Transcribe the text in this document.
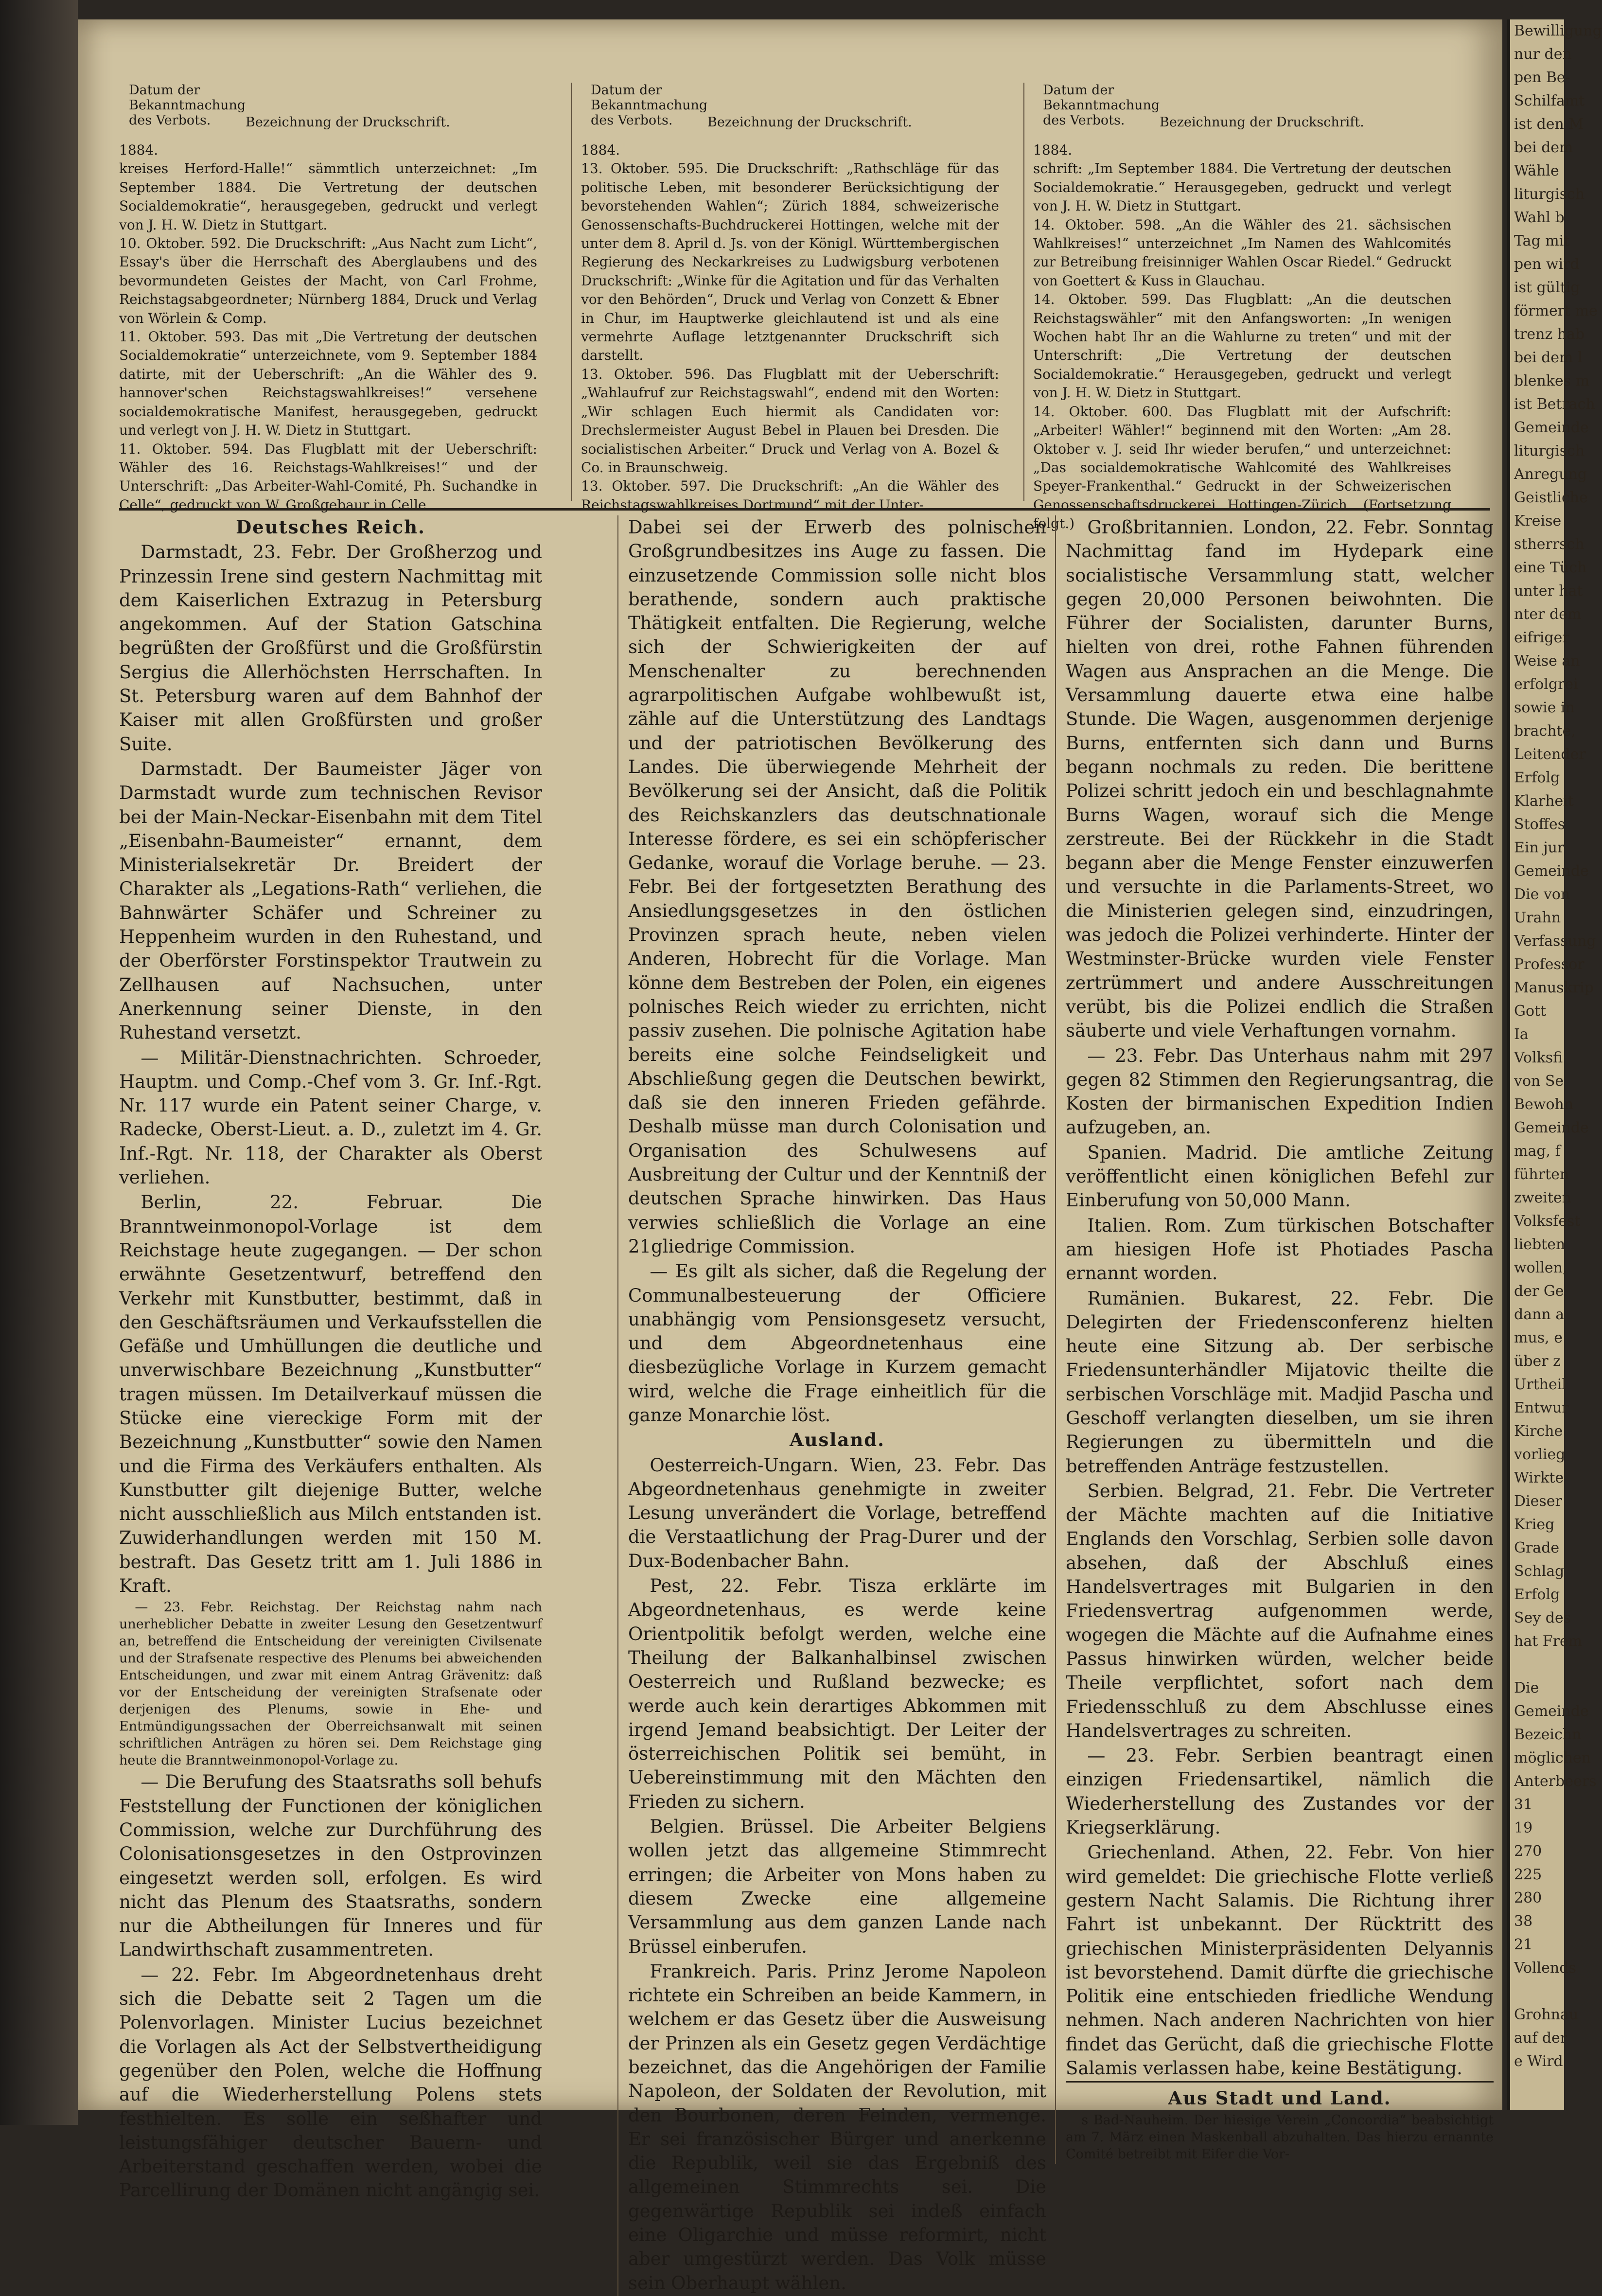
Bewilligung
nur den
pen Be-
Schilfamt
ist den M
bei dem
Wähle
liturgisch
Wahl b
Tag mit
pen wird
ist gültig
förmert me
trenz hab
bei dem l
blenkes m
ist Betrach
Gemeinde
liturgisch
Anregung
Geistliche
Kreise
stherrsch
eine Tüch
unter hat
nter dem
eifriger
Weise an
erfolgrei
sowie in
brachte,
Leitender
Erfolg
Klarheit
Stoffes
Ein jur
Gemeinde
Die von
Urahn
Verfassung
Professor
Manuskrip
Gott
Ia
Volksfi
von Se
Bewohn
Gemeinde
mag, f
führten
zweiten
Volksfest
liebten
wollen,
der Ge
dann a
mus, e
über z
Urtheil
Entwur
Kirche
vorlieg
Wirkte
Dieser
Krieg
Grade
Schlag
Erfolg
Sey des
hat Frem

Die
Gemeinde
Bezeichn
möglichen
Anterbeers
31
19
270
225
280
38
21
Vollends

Grohnau
auf der
e Wird
Datum der
Bekanntmachung
des Verbots.	Bezeichnung der Druckschrift.
1884.
kreises Herford-Halle!“ sämmtlich unterzeichnet: „Im September 1884. Die Vertretung der deutschen Socialdemokratie“, herausgegeben, gedruckt und verlegt von J. H. W. Dietz in Stuttgart.
10. Oktober. 592. Die Druckschrift: „Aus Nacht zum Licht“, Essay's über die Herrschaft des Aberglaubens und des bevormundeten Geistes der Macht, von Carl Frohme, Reichstagsabgeordneter; Nürnberg 1884, Druck und Verlag von Wörlein & Comp.
11. Oktober. 593. Das mit „Die Vertretung der deutschen Socialdemokratie“ unterzeichnete, vom 9. September 1884 datirte, mit der Ueberschrift: „An die Wähler des 9. hannover'schen Reichstagswahlkreises!“ versehene socialdemokratische Manifest, herausgegeben, gedruckt und verlegt von J. H. W. Dietz in Stuttgart.
11. Oktober. 594. Das Flugblatt mit der Ueberschrift: Wähler des 16. Reichstags-Wahlkreises!“ und der Unterschrift: „Das Arbeiter-Wahl-Comité, Ph. Suchandke in Celle“, gedruckt von W. Großgebaur in Celle.
Datum der
Bekanntmachung
des Verbots.	Bezeichnung der Druckschrift.
1884.
13. Oktober. 595. Die Druckschrift: „Rathschläge für das politische Leben, mit besonderer Berücksichtigung der bevorstehenden Wahlen“; Zürich 1884, schweizerische Genossenschafts-Buchdruckerei Hottingen, welche mit der unter dem 8. April d. Js. von der Königl. Württembergischen Regierung des Neckarkreises zu Ludwigsburg verbotenen Druckschrift: „Winke für die Agitation und für das Verhalten vor den Behörden“, Druck und Verlag von Conzett & Ebner in Chur, im Hauptwerke gleichlautend ist und als eine vermehrte Auflage letztgenannter Druckschrift sich darstellt.
13. Oktober. 596. Das Flugblatt mit der Ueberschrift: „Wahlaufruf zur Reichstagswahl“, endend mit den Worten: „Wir schlagen Euch hiermit als Candidaten vor: Drechslermeister August Bebel in Plauen bei Dresden. Die socialistischen Arbeiter.“ Druck und Verlag von A. Bozel & Co. in Braunschweig.
13. Oktober. 597. Die Druckschrift: „An die Wähler des Reichstagswahlkreises Dortmund“ mit der Unter-
Datum der
Bekanntmachung
des Verbots.	Bezeichnung der Druckschrift.
1884.
schrift: „Im September 1884. Die Vertretung der deutschen Socialdemokratie.“ Herausgegeben, gedruckt und verlegt von J. H. W. Dietz in Stuttgart.
14. Oktober. 598. „An die Wähler des 21. sächsischen Wahlkreises!“ unterzeichnet „Im Namen des Wahlcomités zur Betreibung freisinniger Wahlen Oscar Riedel.“ Gedruckt von Goettert & Kuss in Glauchau.
14. Oktober. 599. Das Flugblatt: „An die deutschen Reichstagswähler“ mit den Anfangsworten: „In wenigen Wochen habt Ihr an die Wahlurne zu treten“ und mit der Unterschrift: „Die Vertretung der deutschen Socialdemokratie.“ Herausgegeben, gedruckt und verlegt von J. H. W. Dietz in Stuttgart.
14. Oktober. 600. Das Flugblatt mit der Aufschrift: „Arbeiter! Wähler!“ beginnend mit den Worten: „Am 28. Oktober v. J. seid Ihr wieder berufen,“ und unterzeichnet: „Das socialdemokratische Wahlcomité des Wahlkreises Speyer-Frankenthal.“ Gedruckt in der Schweizerischen Genossenschaftsdruckerei Hottingen-Zürich. (Fortsetzung folgt.)

Deutsches Reich.

Darmstadt, 23. Febr. Der Großherzog und Prinzessin Irene sind gestern Nachmittag mit dem Kaiserlichen Extrazug in Petersburg angekommen. Auf der Station Gatschina begrüßten der Großfürst und die Großfürstin Sergius die Allerhöchsten Herrschaften. In St. Petersburg waren auf dem Bahnhof der Kaiser mit allen Großfürsten und großer Suite.

Darmstadt. Der Baumeister Jäger von Darmstadt wurde zum technischen Revisor bei der Main-Neckar-Eisenbahn mit dem Titel „Eisenbahn-Baumeister“ ernannt, dem Ministerialsekretär Dr. Breidert der Charakter als „Legations-Rath“ verliehen, die Bahnwärter Schäfer und Schreiner zu Heppenheim wurden in den Ruhestand, und der Oberförster Forstinspektor Trautwein zu Zellhausen auf Nachsuchen, unter Anerkennung seiner Dienste, in den Ruhestand versetzt.

— Militär-Dienstnachrichten. Schroeder, Hauptm. und Comp.-Chef vom 3. Gr. Inf.-Rgt. Nr. 117 wurde ein Patent seiner Charge, v. Radecke, Oberst-Lieut. a. D., zuletzt im 4. Gr. Inf.-Rgt. Nr. 118, der Charakter als Oberst verliehen.

Berlin, 22. Februar. Die Branntweinmonopol-Vorlage ist dem Reichstage heute zugegangen. — Der schon erwähnte Gesetzentwurf, betreffend den Verkehr mit Kunstbutter, bestimmt, daß in den Geschäftsräumen und Verkaufsstellen die Gefäße und Umhüllungen die deutliche und unverwischbare Bezeichnung „Kunstbutter“ tragen müssen. Im Detailverkauf müssen die Stücke eine viereckige Form mit der Bezeichnung „Kunstbutter“ sowie den Namen und die Firma des Verkäufers enthalten. Als Kunstbutter gilt diejenige Butter, welche nicht ausschließlich aus Milch entstanden ist. Zuwiderhandlungen werden mit 150 M. bestraft. Das Gesetz tritt am 1. Juli 1886 in Kraft.

— 23. Febr. Reichstag. Der Reichstag nahm nach unerheblicher Debatte in zweiter Lesung den Gesetzentwurf an, betreffend die Entscheidung der vereinigten Civilsenate und der Strafsenate respective des Plenums bei abweichenden Entscheidungen, und zwar mit einem Antrag Grävenitz: daß vor der Entscheidung der vereinigten Strafsenate oder derjenigen des Plenums, sowie in Ehe- und Entmündigungssachen der Oberreichsanwalt mit seinen schriftlichen Anträgen zu hören sei. Dem Reichstage ging heute die Branntweinmonopol-Vorlage zu.

— Die Berufung des Staatsraths soll behufs Feststellung der Functionen der königlichen Commission, welche zur Durchführung des Colonisationsgesetzes in den Ostprovinzen eingesetzt werden soll, erfolgen. Es wird nicht das Plenum des Staatsraths, sondern nur die Abtheilungen für Inneres und für Landwirthschaft zusammentreten.

— 22. Febr. Im Abgeordnetenhaus dreht sich die Debatte seit 2 Tagen um die Polenvorlagen. Minister Lucius bezeichnet die Vorlagen als Act der Selbstvertheidigung gegenüber den Polen, welche die Hoffnung auf die Wiederherstellung Polens stets festhielten. Es solle ein seßhafter und leistungsfähiger deutscher Bauern- und Arbeiterstand geschaffen werden, wobei die Parcellirung der Domänen nicht angängig sei.

Dabei sei der Erwerb des polnischen Großgrundbesitzes ins Auge zu fassen. Die einzusetzende Commission solle nicht blos berathende, sondern auch praktische Thätigkeit entfalten. Die Regierung, welche sich der Schwierigkeiten der auf Menschenalter zu berechnenden agrarpolitischen Aufgabe wohlbewußt ist, zähle auf die Unterstützung des Landtags und der patriotischen Bevölkerung des Landes. Die überwiegende Mehrheit der Bevölkerung sei der Ansicht, daß die Politik des Reichskanzlers das deutschnationale Interesse fördere, es sei ein schöpferischer Gedanke, worauf die Vorlage beruhe. — 23. Febr. Bei der fortgesetzten Berathung des Ansiedlungsgesetzes in den östlichen Provinzen sprach heute, neben vielen Anderen, Hobrecht für die Vorlage. Man könne dem Bestreben der Polen, ein eigenes polnisches Reich wieder zu errichten, nicht passiv zusehen. Die polnische Agitation habe bereits eine solche Feindseligkeit und Abschließung gegen die Deutschen bewirkt, daß sie den inneren Frieden gefährde. Deshalb müsse man durch Colonisation und Organisation des Schulwesens auf Ausbreitung der Cultur und der Kenntniß der deutschen Sprache hinwirken. Das Haus verwies schließlich die Vorlage an eine 21gliedrige Commission.

— Es gilt als sicher, daß die Regelung der Communalbesteuerung der Officiere unabhängig vom Pensionsgesetz versucht, und dem Abgeordnetenhaus eine diesbezügliche Vorlage in Kurzem gemacht wird, welche die Frage einheitlich für die ganze Monarchie löst.

Ausland.

Oesterreich-Ungarn. Wien, 23. Febr. Das Abgeordnetenhaus genehmigte in zweiter Lesung unverändert die Vorlage, betreffend die Verstaatlichung der Prag-Durer und der Dux-Bodenbacher Bahn.

Pest, 22. Febr. Tisza erklärte im Abgeordnetenhaus, es werde keine Orientpolitik befolgt werden, welche eine Theilung der Balkanhalbinsel zwischen Oesterreich und Rußland bezwecke; es werde auch kein derartiges Abkommen mit irgend Jemand beabsichtigt. Der Leiter der österreichischen Politik sei bemüht, in Uebereinstimmung mit den Mächten den Frieden zu sichern.

Belgien. Brüssel. Die Arbeiter Belgiens wollen jetzt das allgemeine Stimmrecht erringen; die Arbeiter von Mons haben zu diesem Zwecke eine allgemeine Versammlung aus dem ganzen Lande nach Brüssel einberufen.

Frankreich. Paris. Prinz Jerome Napoleon richtete ein Schreiben an beide Kammern, in welchem er das Gesetz über die Ausweisung der Prinzen als ein Gesetz gegen Verdächtige bezeichnet, das die Angehörigen der Familie Napoleon, der Soldaten der Revolution, mit den Bourbonen, deren Feinden, vermenge. Er sei französischer Bürger und anerkenne die Republik, weil sie das Ergebniß des allgemeinen Stimmrechts sei. Die gegenwärtige Republik sei indeß einfach eine Oligarchie und müsse reformirt, nicht aber umgestürzt werden. Das Volk müsse sein Oberhaupt wählen.

Großbritannien. London, 22. Febr. Sonntag Nachmittag fand im Hydepark eine socialistische Versammlung statt, welcher gegen 20,000 Personen beiwohnten. Die Führer der Socialisten, darunter Burns, hielten von drei, rothe Fahnen führenden Wagen aus Ansprachen an die Menge. Die Versammlung dauerte etwa eine halbe Stunde. Die Wagen, ausgenommen derjenige Burns, entfernten sich dann und Burns begann nochmals zu reden. Die berittene Polizei schritt jedoch ein und beschlagnahmte Burns Wagen, worauf sich die Menge zerstreute. Bei der Rückkehr in die Stadt begann aber die Menge Fenster einzuwerfen und versuchte in die Parlaments-Street, wo die Ministerien gelegen sind, einzudringen, was jedoch die Polizei verhinderte. Hinter der Westminster-Brücke wurden viele Fenster zertrümmert und andere Ausschreitungen verübt, bis die Polizei endlich die Straßen säuberte und viele Verhaftungen vornahm.

— 23. Febr. Das Unterhaus nahm mit 297 gegen 82 Stimmen den Regierungsantrag, die Kosten der birmanischen Expedition Indien aufzugeben, an.

Spanien. Madrid. Die amtliche Zeitung veröffentlicht einen königlichen Befehl zur Einberufung von 50,000 Mann.

Italien. Rom. Zum türkischen Botschafter am hiesigen Hofe ist Photiades Pascha ernannt worden.

Rumänien. Bukarest, 22. Febr. Die Delegirten der Friedensconferenz hielten heute eine Sitzung ab. Der serbische Friedensunterhändler Mijatovic theilte die serbischen Vorschläge mit. Madjid Pascha und Geschoff verlangten dieselben, um sie ihren Regierungen zu übermitteln und die betreffenden Anträge festzustellen.

Serbien. Belgrad, 21. Febr. Die Vertreter der Mächte machten auf die Initiative Englands den Vorschlag, Serbien solle davon absehen, daß der Abschluß eines Handelsvertrages mit Bulgarien in den Friedensvertrag aufgenommen werde, wogegen die Mächte auf die Aufnahme eines Passus hinwirken würden, welcher beide Theile verpflichtet, sofort nach dem Friedensschluß zu dem Abschlusse eines Handelsvertrages zu schreiten.

— 23. Febr. Serbien beantragt einen einzigen Friedensartikel, nämlich die Wiederherstellung des Zustandes vor der Kriegserklärung.

Griechenland. Athen, 22. Febr. Von hier wird gemeldet: Die griechische Flotte verließ gestern Nacht Salamis. Die Richtung ihrer Fahrt ist unbekannt. Der Rücktritt des griechischen Ministerpräsidenten Delyannis ist bevorstehend. Damit dürfte die griechische Politik eine entschieden friedliche Wendung nehmen. Nach anderen Nachrichten von hier findet das Gerücht, daß die griechische Flotte Salamis verlassen habe, keine Bestätigung.

Aus Stadt und Land.

s Bad-Nauheim. Der hiesige Verein „Concordia“ beabsichtigt am 7. März einen Maskenball abzuhalten. Das hierzu ernannte Comité betreibt mit Eifer die Vor-
